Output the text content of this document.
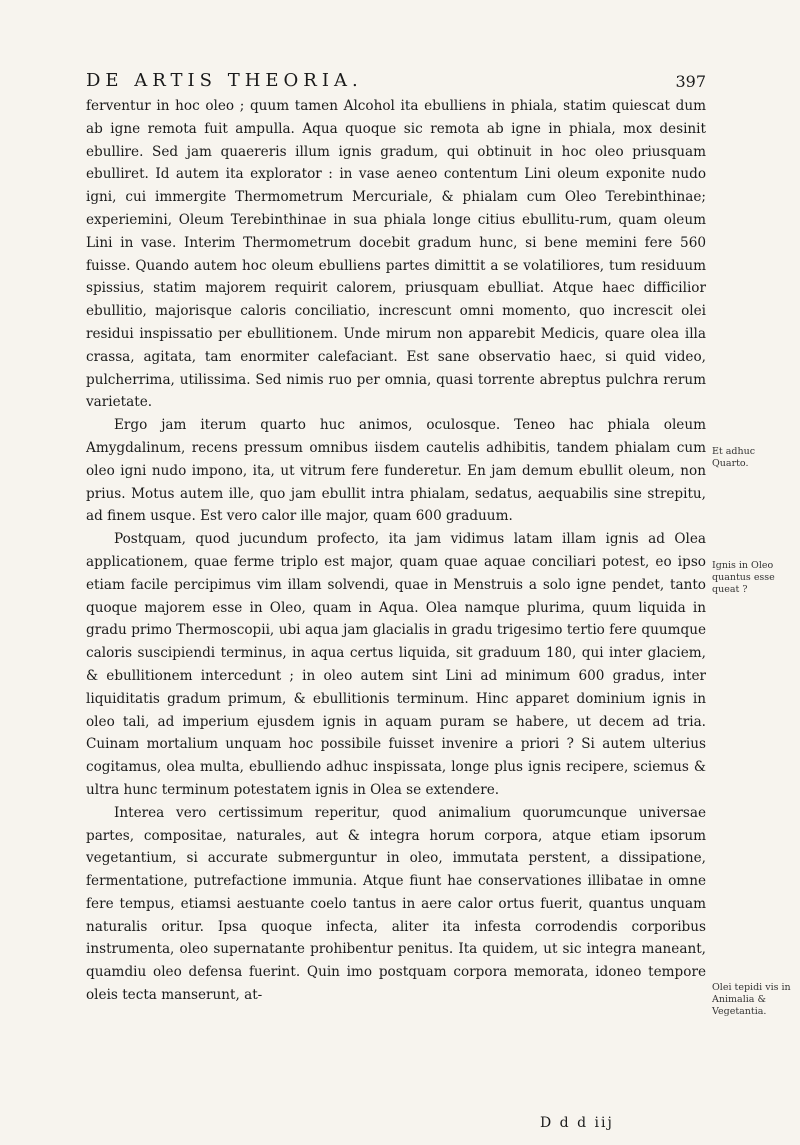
DE ARTIS THEORIA.	397

ferventur in hoc oleo ; quum tamen Alcohol ita ebulliens in phiala, statim quiescat dum ab igne remota fuit ampulla. Aqua quoque sic remota ab igne in phiala, mox desinit ebullire. Sed jam quaereris illum ignis gradum, qui obtinuit in hoc oleo priusquam ebulliret. Id autem ita explorator : in vase aeneo contentum Lini oleum exponite nudo igni, cui immergite Thermometrum Mercuriale, & phialam cum Oleo Terebinthinae; experiemini, Oleum Terebinthinae in sua phiala longe citius ebullitu-rum, quam oleum Lini in vase. Interim Thermometrum docebit gradum hunc, si bene memini fere 560 fuisse. Quando autem hoc oleum ebulliens partes dimittit a se volatiliores, tum residuum spissius, statim majorem requirit calorem, priusquam ebulliat. Atque haec difficilior ebullitio, majorisque caloris conciliatio, increscunt omni momento, quo increscit olei residui inspissatio per ebullitionem. Unde mirum non apparebit Medicis, quare olea illa crassa, agitata, tam enormiter calefaciant. Est sane observatio haec, si quid video, pulcherrima, utilissima. Sed nimis ruo per omnia, quasi torrente abreptus pulchra rerum varietate.

Ergo jam iterum quarto huc animos, oculosque. Teneo hac phiala oleum Amygdalinum, recens pressum omnibus iisdem cautelis adhibitis, tandem phialam cum oleo igni nudo impono, ita, ut vitrum fere funderetur. En jam demum ebullit oleum, non prius. Motus autem ille, quo jam ebullit intra phialam, sedatus, aequabilis sine strepitu, ad finem usque. Est vero calor ille major, quam 600 graduum.

Postquam, quod jucundum profecto, ita jam vidimus latam illam ignis ad Olea applicationem, quae ferme triplo est major, quam quae aquae conciliari potest, eo ipso etiam facile percipimus vim illam solvendi, quae in Menstruis a solo igne pendet, tanto quoque majorem esse in Oleo, quam in Aqua. Olea namque plurima, quum liquida in gradu primo Thermoscopii, ubi aqua jam glacialis in gradu trigesimo tertio fere quumque caloris suscipiendi terminus, in aqua certus liquida, sit graduum 180, qui inter glaciem, & ebullitionem intercedunt ; in oleo autem sint Lini ad minimum 600 gradus, inter liquiditatis gradum primum, & ebullitionis terminum. Hinc apparet dominium ignis in oleo tali, ad imperium ejusdem ignis in aquam puram se habere, ut decem ad tria. Cuinam mortalium unquam hoc possibile fuisset invenire a priori ? Si autem ulterius cogitamus, olea multa, ebulliendo adhuc inspissata, longe plus ignis recipere, sciemus & ultra hunc terminum potestatem ignis in Olea se extendere.

Interea vero certissimum reperitur, quod animalium quorumcunque universae partes, compositae, naturales, aut & integra horum corpora, atque etiam ipsorum vegetantium, si accurate submerguntur in oleo, immutata perstent, a dissipatione, fermentatione, putrefactione immunia. Atque fiunt hae conservationes illibatae in omne fere tempus, etiamsi aestuante coelo tantus in aere calor ortus fuerit, quantus unquam naturalis oritur. Ipsa quoque infecta, aliter ita infesta corrodendis corporibus instrumenta, oleo supernatante prohibentur penitus. Ita quidem, ut sic integra maneant, quamdiu oleo defensa fuerint. Quin imo postquam corpora memorata, idoneo tempore oleis tecta manserunt, at-

Et adhuc Quarto.
Ignis in Oleo quantus esse queat ?
Olei tepidi vis in Animalia & Vegetantia.
D d d iij
